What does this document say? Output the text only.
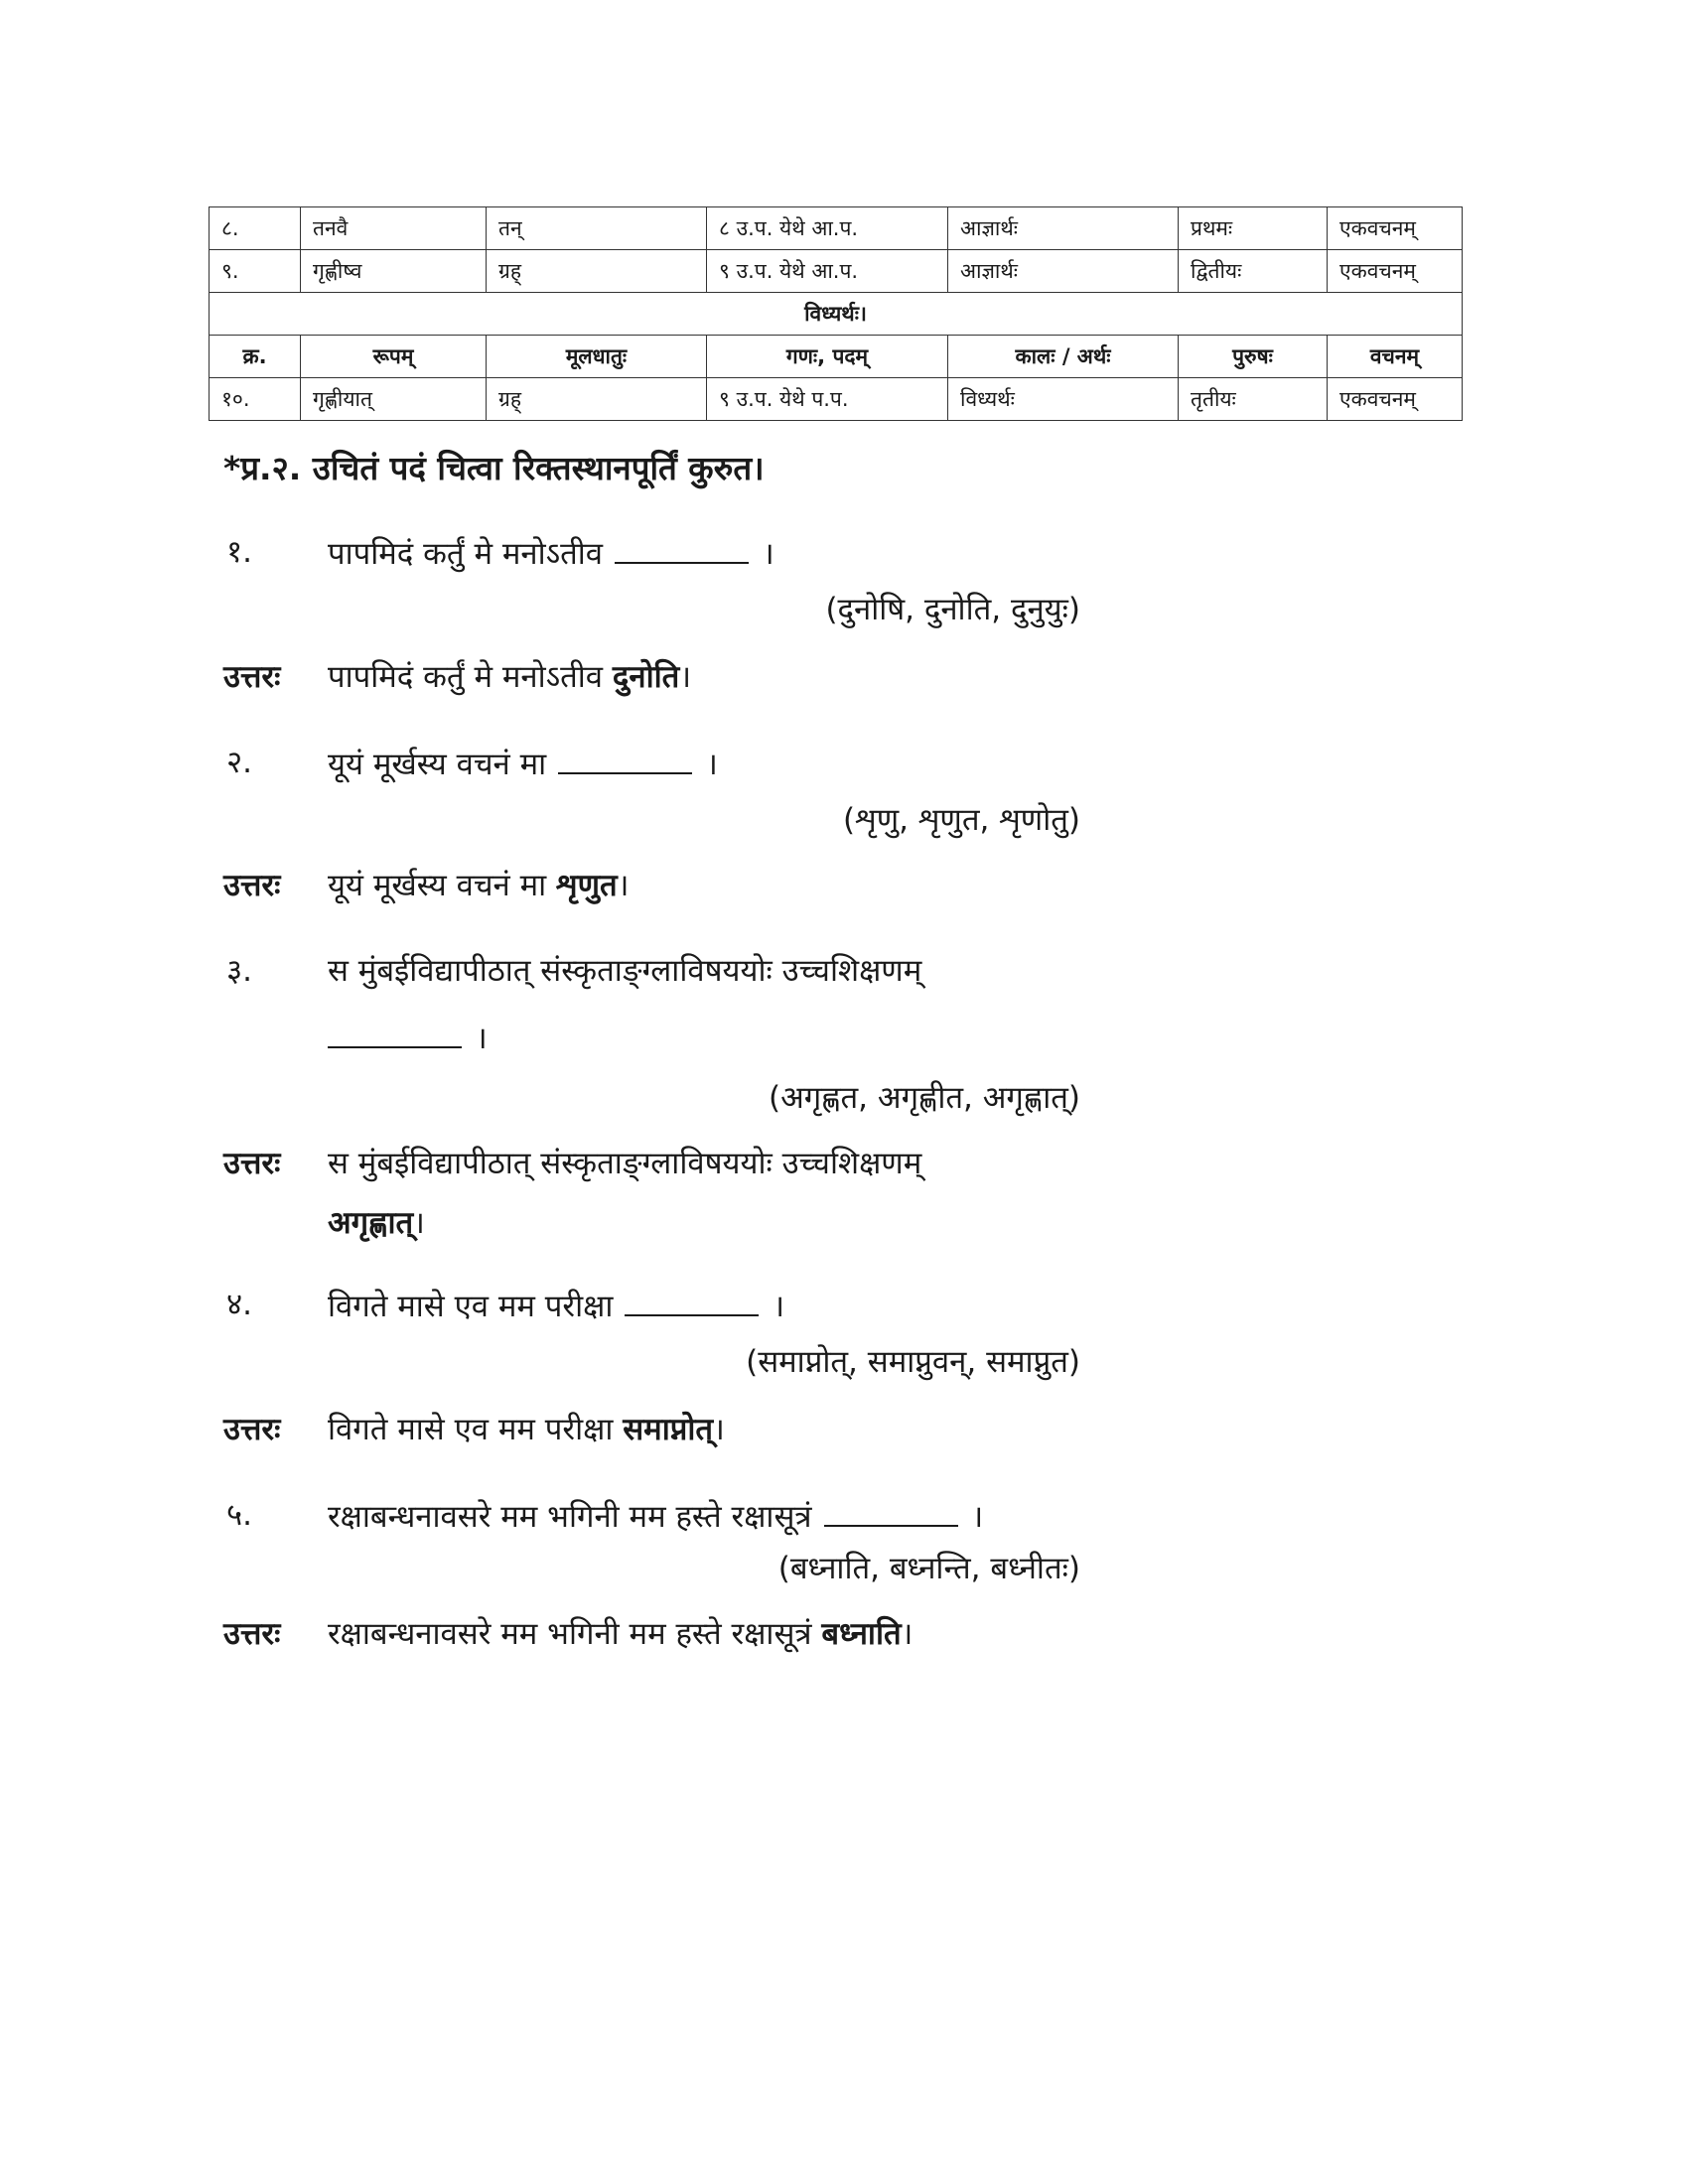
८.	तनवै	तन्	८ उ.प. येथे आ.प.	आज्ञार्थः	प्रथमः	एकवचनम्
९.	गृह्णीष्व	ग्रह्	९ उ.प. येथे आ.प.	आज्ञार्थः	द्वितीयः	एकवचनम्
विध्यर्थः।						
क्र.	रूपम्	मूलधातुः	गणः, पदम्	कालः / अर्थः	पुरुषः	वचनम्
१०.	गृह्णीयात्	ग्रह्	९ उ.प. येथे प.प.	विध्यर्थः	तृतीयः	एकवचनम्
*प्र.२. उचितं पदं चित्वा रिक्तस्थानपूर्तिं कुरुत।
१.	पापमिदं कर्तुं मे मनोऽतीव	।
(दुनोषि, दुनोति, दुनुयुः)
उत्तरः पापमिदं कर्तुं मे मनोऽतीव दुनोति।
२.	यूयं मूर्खस्य वचनं मा	।
(शृणु, शृणुत, शृणोतु)
उत्तरः यूयं मूर्खस्य वचनं मा शृणुत।
३.	स मुंबईविद्यापीठात् संस्कृताङ्ग्लाविषययोः उच्चशिक्षणम्
।
(अगृह्णत, अगृह्णीत, अगृह्णात्)
उत्तरः स मुंबईविद्यापीठात् संस्कृताङ्ग्लाविषययोः उच्चशिक्षणम्
अगृह्णात्।
४.	विगते मासे एव मम परीक्षा	।
(समाप्नोत्, समाप्नुवन्, समाप्नुत)
उत्तरः विगते मासे एव मम परीक्षा समाप्नोत्।
५.	रक्षाबन्धनावसरे मम भगिनी मम हस्ते रक्षासूत्रं	।
(बध्नाति, बध्नन्ति, बध्नीतः)
उत्तरः रक्षाबन्धनावसरे मम भगिनी मम हस्ते रक्षासूत्रं बध्नाति।
